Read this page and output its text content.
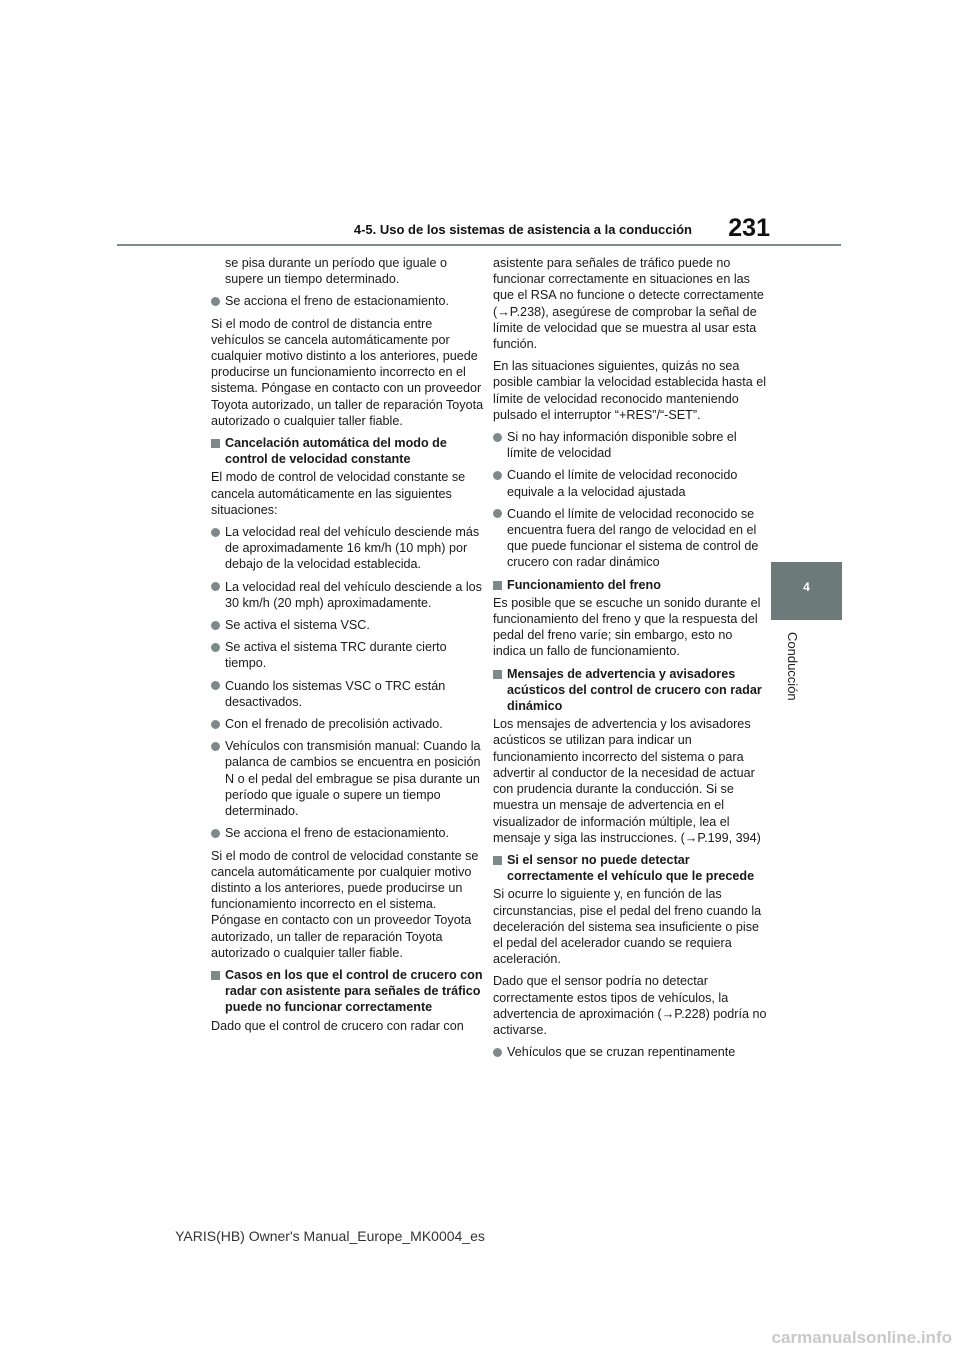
4-5. Uso de los sistemas de asistencia a la conducción 231
4
Conducción

se pisa durante un período que iguale o supere un tiempo determinado.

Se acciona el freno de estacionamiento.

Si el modo de control de distancia entre vehículos se cancela automáticamente por cualquier motivo distinto a los anteriores, puede producirse un funcionamiento incorrecto en el sistema. Póngase en contacto con un proveedor Toyota autorizado, un taller de reparación Toyota autorizado o cualquier taller fiable.

Cancelación automática del modo de control de velocidad constante

El modo de control de velocidad constante se cancela automáticamente en las siguientes situaciones:

La velocidad real del vehículo desciende más de aproximadamente 16 km/h (10 mph) por debajo de la velocidad establecida.

La velocidad real del vehículo desciende a los 30 km/h (20 mph) aproximadamente.

Se activa el sistema VSC.

Se activa el sistema TRC durante cierto tiempo.

Cuando los sistemas VSC o TRC están desactivados.

Con el frenado de precolisión activado.

Vehículos con transmisión manual: Cuando la palanca de cambios se encuentra en posición N o el pedal del embrague se pisa durante un período que iguale o supere un tiempo determinado.

Se acciona el freno de estacionamiento.

Si el modo de control de velocidad constante se cancela automáticamente por cualquier motivo distinto a los anteriores, puede producirse un funcionamiento incorrecto en el sistema. Póngase en contacto con un proveedor Toyota autorizado, un taller de reparación Toyota autorizado o cualquier taller fiable.

Casos en los que el control de crucero con radar con asistente para señales de tráfico puede no funcionar correctamente

Dado que el control de crucero con radar con

asistente para señales de tráfico puede no funcionar correctamente en situaciones en las que el RSA no funcione o detecte correctamente (→P.238), asegúrese de comprobar la señal de límite de velocidad que se muestra al usar esta función.

En las situaciones siguientes, quizás no sea posible cambiar la velocidad establecida hasta el límite de velocidad reconocido manteniendo pulsado el interruptor “+RES”/“-SET”.

Si no hay información disponible sobre el límite de velocidad

Cuando el límite de velocidad reconocido equivale a la velocidad ajustada

Cuando el límite de velocidad reconocido se encuentra fuera del rango de velocidad en el que puede funcionar el sistema de control de crucero con radar dinámico

Funcionamiento del freno

Es posible que se escuche un sonido durante el funcionamiento del freno y que la respuesta del pedal del freno varíe; sin embargo, esto no indica un fallo de funcionamiento.

Mensajes de advertencia y avisadores acústicos del control de crucero con radar dinámico

Los mensajes de advertencia y los avisadores acústicos se utilizan para indicar un funcionamiento incorrecto del sistema o para advertir al conductor de la necesidad de actuar con prudencia durante la conducción. Si se muestra un mensaje de advertencia en el visualizador de información múltiple, lea el mensaje y siga las instrucciones. (→P.199, 394)

Si el sensor no puede detectar correctamente el vehículo que le precede

Si ocurre lo siguiente y, en función de las circunstancias, pise el pedal del freno cuando la deceleración del sistema sea insuficiente o pise el pedal del acelerador cuando se requiera aceleración.

Dado que el sensor podría no detectar correctamente estos tipos de vehículos, la advertencia de aproximación (→P.228) podría no activarse.

Vehículos que se cruzan repentinamente

YARIS(HB) Owner's Manual_Europe_MK0004_es
carmanualsonline.info
